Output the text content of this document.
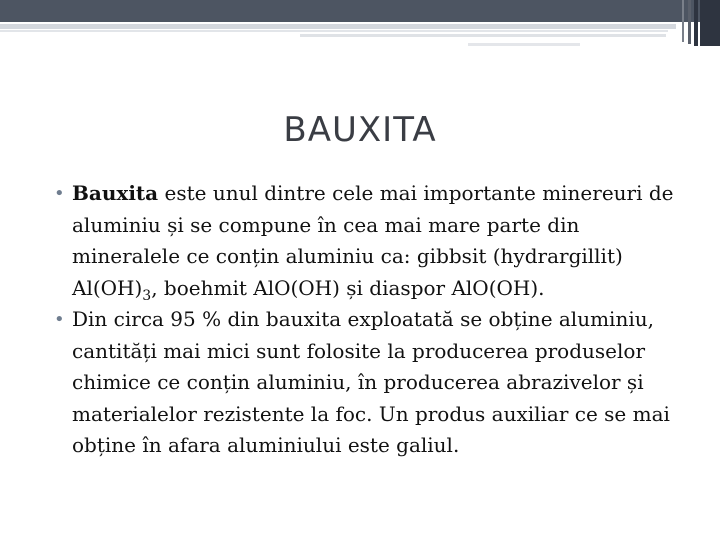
BAUXITA
• Bauxita este unul dintre cele mai importante minereuri de aluminiu și se compune în cea mai mare parte din mineralele ce conțin aluminiu ca: gibbsit (hydrargillit) $Al(OH)_3$, boehmit AlO(OH) și diaspor AlO(OH).
• Din circa 95 % din bauxita exploatată se obține aluminiu, cantități mai mici sunt folosite la producerea produselor chimice ce conțin aluminiu, în producerea abrazivelor și materialelor rezistente la foc. Un produs auxiliar ce se mai obține în afara aluminiului este galiul.
